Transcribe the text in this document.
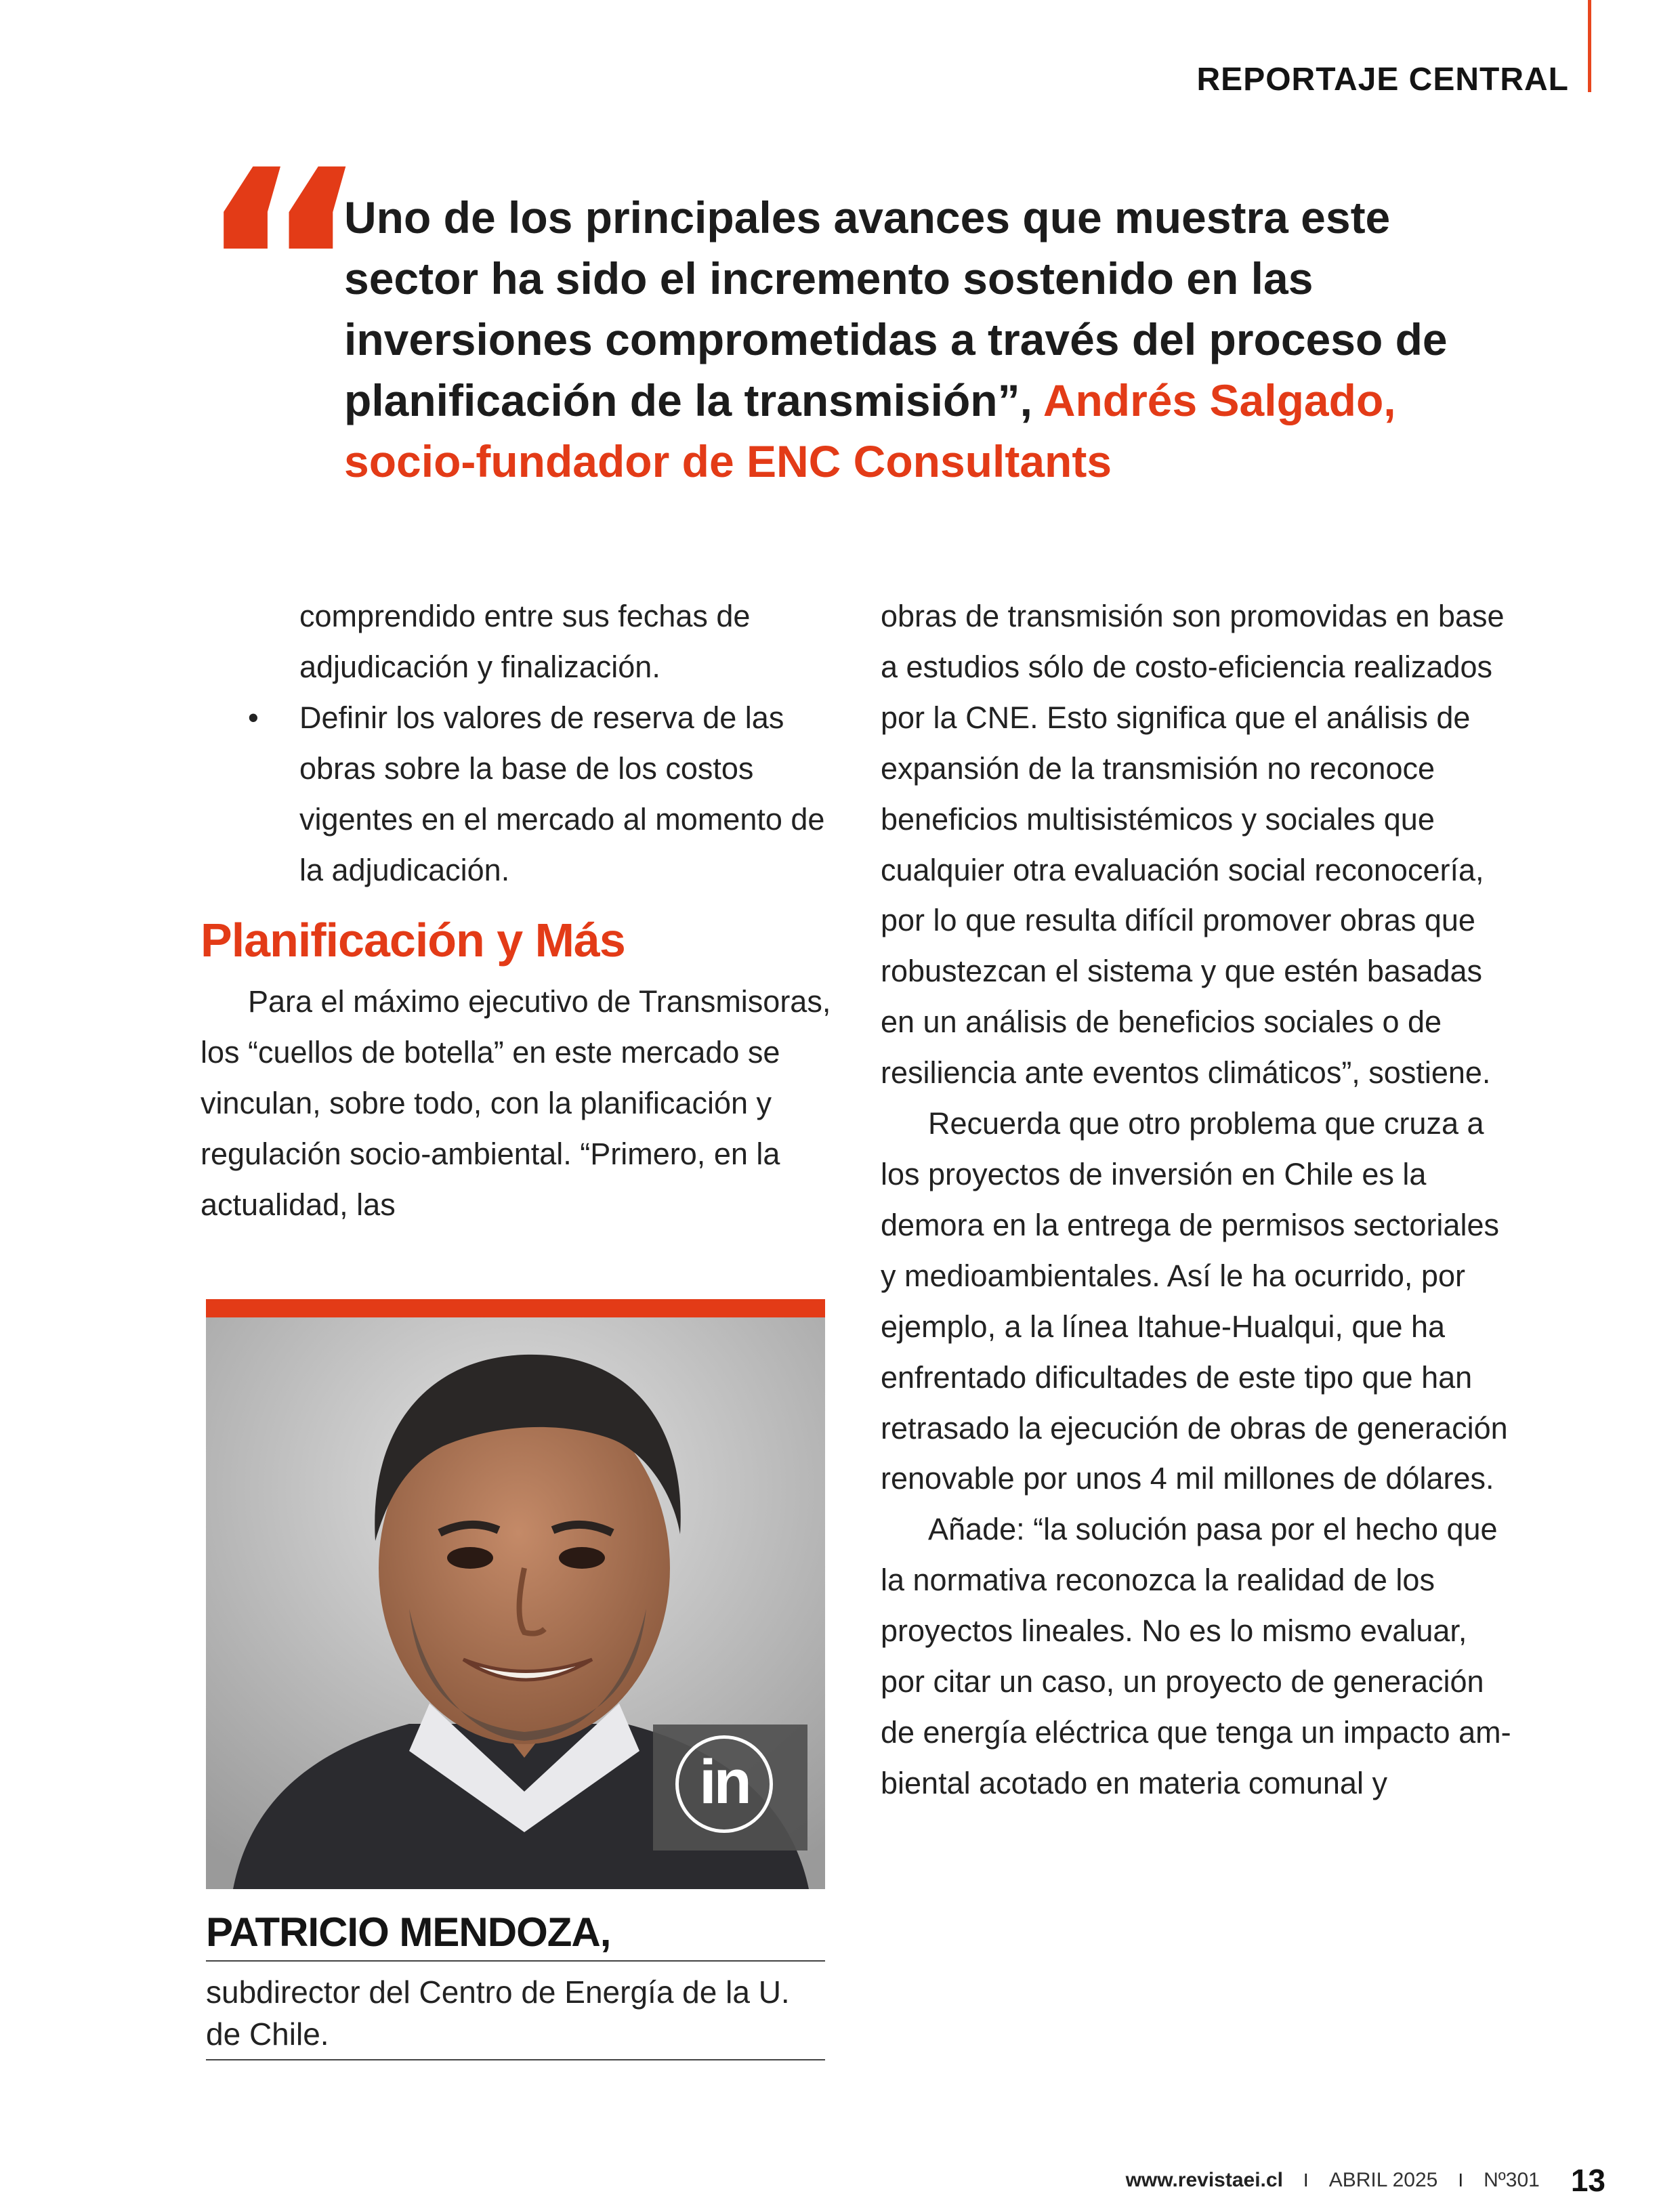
REPORTAJE CENTRAL

“

Uno de los principales avances que muestra este sector ha sido el incremento sostenido en las inversiones comprometidas a través del proceso de planificación de la transmisión”, Andrés Salgado, socio-fundador de ENC Consultants

comprendido entre sus fechas de adjudicación y finalización.

• Definir los valores de reserva de las obras sobre la base de los costos vigentes en el mercado al momento de la adjudicación.
Planificación y Más

Para el máximo ejecutivo de Transmisoras, los “cuellos de botella” en este mercado se vinculan, sobre todo, con la planificación y regulación socio-ambiental. “Primero, en la actualidad, las

in

PATRICIO MENDOZA,

subdirector del Centro de Energía de la U. de Chile.

obras de transmisión son promovidas en base a estudios sólo de costo-eficiencia realizados por la CNE. Esto significa que el análisis de expansión de la transmisión no reconoce beneficios multisistémicos y sociales que cualquier otra evaluación social reconocería, por lo que resulta difícil promover obras que robustezcan el sistema y que estén basadas en un análisis de beneficios sociales o de resiliencia ante eventos climáticos”, sostiene.

Recuerda que otro problema que cruza a los proyectos de inversión en Chile es la demora en la entrega de permisos sectoriales y medioambientales. Así le ha ocurrido, por ejemplo, a la línea Itahue-Hualqui, que ha enfrentado dificultades de este tipo que han retrasado la ejecución de obras de generación renovable por unos 4 mil millones de dólares.

Añade: “la solución pasa por el hecho que la normativa reconozca la realidad de los proyectos lineales. No es lo mismo evaluar, por citar un caso, un proyecto de generación de energía eléctrica que tenga un impacto ambiental acotado en materia comunal y

www.revistaei.cl I ABRIL 2025 I Nº301 13
